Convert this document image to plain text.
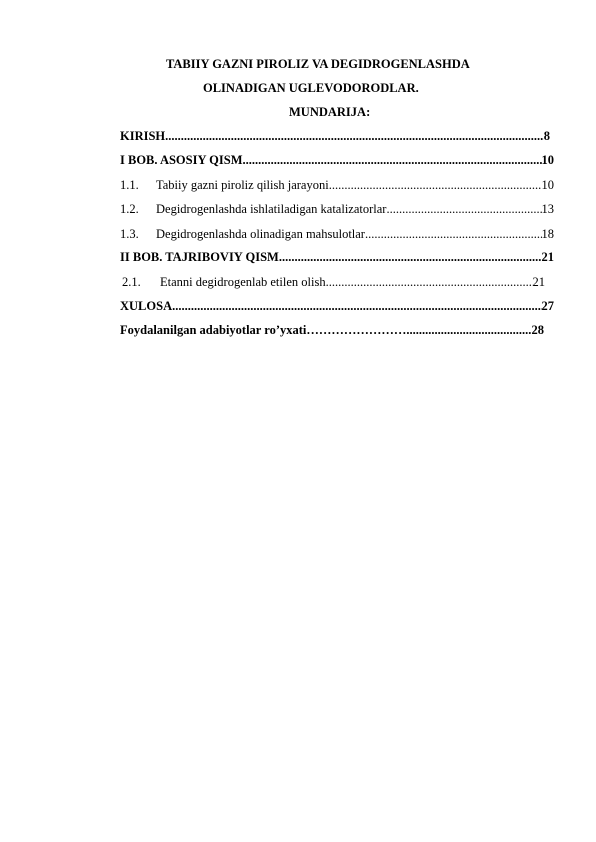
TABIIY GAZNI PIROLIZ VA DEGIDROGENLASHDA
OLINADIGAN UGLEVODORODLAR.
MUNDARIJA:
KIRISH .....	8
I BOB. ASOSIY QISM .....	10
1.1.	Tabiiy gazni piroliz qilish jarayoni .....	10
1.2.	Degidrogenlashda ishlatiladigan katalizatorlar .....	13
1.3.	Degidrogenlashda olinadigan mahsulotlar .....	18
II BOB. TAJRIBOVIY QISM .....	21
2.1.	Etanni degidrogenlab etilen olish .....	21
XULOSA .....	27
Foydalanilgan adabiyotlar ro’yxati …………………… .....	28
